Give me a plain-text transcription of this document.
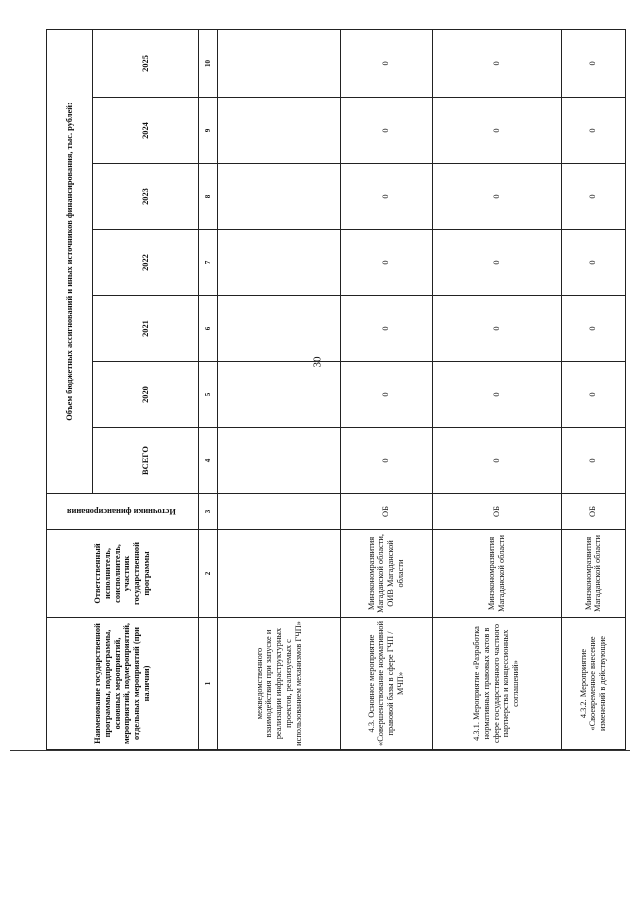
30
Наименование государственной программы, подпрограммы, основных мероприятий, мероприятий, подмероприятий, отдельных мероприятий (при наличии)	Ответственный исполнитель, соисполнитель, участник государственной программы	Источники финансирования	Объем бюджетных ассигнований и иных источников финансирования, тыс. рублей:						
			ВСЕГО	2020	2021	2022	2023	2024	2025
1	2	3	4	5	6	7	8	9	10
межведомственного взаимодействия при запуске и реализации инфраструктурных проектов, реализуемых с использованием механизмов ГЧП»									
4.3. Основное мероприятие «Совершенствование нормативной правовой базы в сфере ГЧП / МЧП»	Минэкономразвития Магаданской области, ОИВ Магаданской области	ОБ	0	0	0	0	0	0	0
4.3.1. Мероприятие «Разработка нормативных правовых актов в сфере государственного частного партнерства и концессионных соглашений»	Минэкономразвития Магаданской области	ОБ	0	0	0	0	0	0	0
4.3.2. Мероприятие «Своевременное внесение изменений в действующие	Минэкономразвития Магаданской области	ОБ	0	0	0	0	0	0	0
